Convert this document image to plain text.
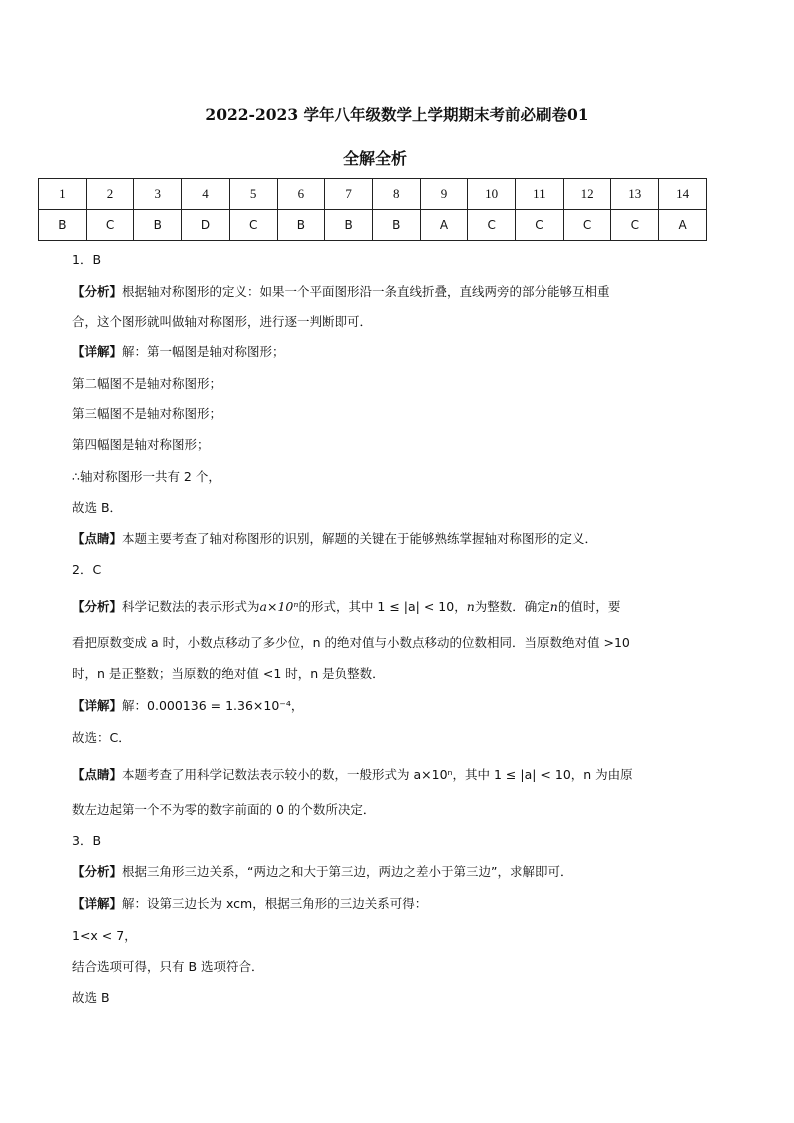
2022-2023 学年八年级数学上学期期末考前必刷卷01
全解全析
1	2	3	4	5	6	7	8	9	10	11	12	13	14
B	C	B	D	C	B	B	B	A	C	C	C	C	A
1．B
【分析】根据轴对称图形的定义：如果一个平面图形沿一条直线折叠，直线两旁的部分能够互相重
合，这个图形就叫做轴对称图形，进行逐一判断即可．
【详解】解：第一幅图是轴对称图形；
第二幅图不是轴对称图形；
第三幅图不是轴对称图形；
第四幅图是轴对称图形；
∴轴对称图形一共有 2 个，
故选 B．
【点睛】本题主要考查了轴对称图形的识别，解题的关键在于能够熟练掌握轴对称图形的定义．
2．C
【分析】科学记数法的表示形式为a×10ⁿ的形式，其中 1 ≤ |a| < 10，n为整数．确定n的值时，要
看把原数变成 a 时，小数点移动了多少位，n 的绝对值与小数点移动的位数相同．当原数绝对值 >10
时，n 是正整数；当原数的绝对值 <1 时，n 是负整数．
【详解】解：0.000136 = 1.36×10⁻⁴，
故选：C．
【点睛】本题考查了用科学记数法表示较小的数，一般形式为 a×10ⁿ，其中 1 ≤ |a| < 10，n 为由原
数左边起第一个不为零的数字前面的 0 的个数所决定．
3．B
【分析】根据三角形三边关系，“两边之和大于第三边，两边之差小于第三边”，求解即可．
【详解】解：设第三边长为 xcm，根据三角形的三边关系可得：
1<x < 7，
结合选项可得，只有 B 选项符合．
故选 B
